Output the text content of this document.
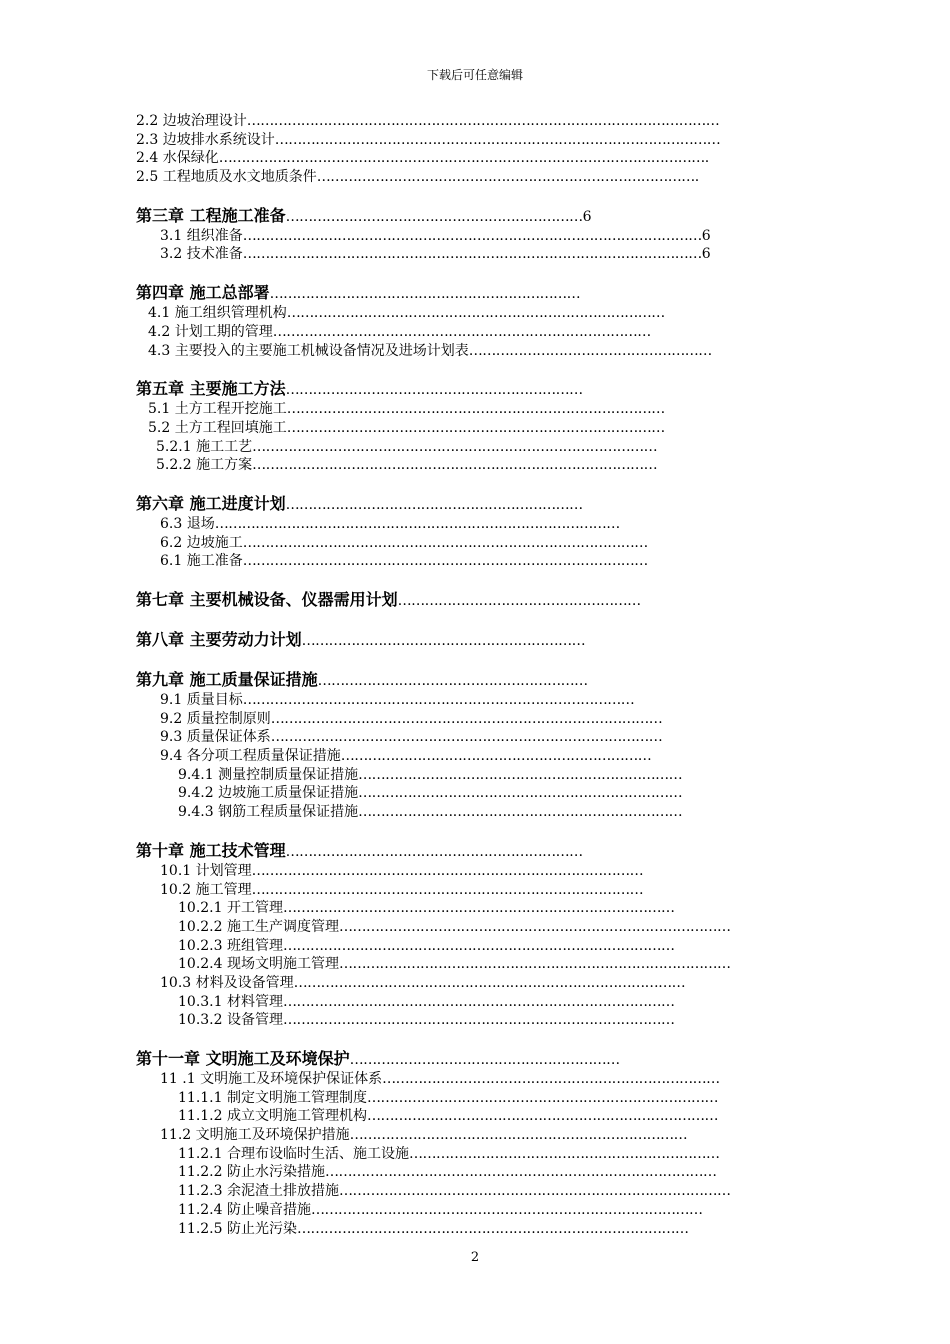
下载后可任意编辑
2.2 边坡治理设计……………………………………………………………………………………………
2.3 边坡排水系统设计………………………………………………………………………………………
2.4 水保绿化……………………………………………………………………………………………….
2.5 工程地质及水文地质条件………………………………………………………………………….
第三章 工程施工准备…………………………………………………………6
3.1 组织准备…………………………………………………………………………………………6
3.2 技术准备…………………………………………………………………………………………6
第四章 施工总部署……………………………………………………………
4.1 施工组织管理机构…………………………………………………………………………
4.2 计划工期的管理…………………………………………………………………………
4.3 主要投入的主要施工机械设备情况及进场计划表………………………………………………
第五章 主要施工方法…………………………………………………………
5.1 土方工程开挖施工…………………………………………………………………………
5.2 土方工程回填施工…………………………………………………………………………
5.2.1 施工工艺………………………………………………………………………………
5.2.2 施工方案………………………………………………………………………………
第六章 施工进度计划…………………………………………………………
6.3 退场………………………………………………………………………………
6.2 边坡施工………………………………………………………………………………
6.1 施工准备………………………………………………………………………………
第七章 主要机械设备、仪器需用计划………………………………………………
第八章 主要劳动力计划………………………………………………………
第九章 施工质量保证措施……………………………………………………
9.1 质量目标……………………………………………………………………………
9.2 质量控制原则……………………………………………………………………………
9.3 质量保证体系……………………………………………………………………………
9.4 各分项工程质量保证措施……………………………………………………………
9.4.1 测量控制质量保证措施………………………………………………………………
9.4.2 边坡施工质量保证措施………………………………………………………………
9.4.3 钢筋工程质量保证措施………………………………………………………………
第十章 施工技术管理…………………………………………………………
10.1 计划管理……………………………………………………………………………
10.2 施工管理……………………………………………………………………………
10.2.1 开工管理……………………………………………………………………………
10.2.2 施工生产调度管理……………………………………………………………………………
10.2.3 班组管理……………………………………………………………………………
10.2.4 现场文明施工管理……………………………………………………………………………
10.3 材料及设备管理……………………………………………………………………………
10.3.1 材料管理……………………………………………………………………………
10.3.2 设备管理……………………………………………………………………………
第十一章 文明施工及环境保护……………………………………………………
11 .1 文明施工及环境保护保证体系…………………………………………………………………
11.1.1 制定文明施工管理制度……………………………………………………………………
11.1.2 成立文明施工管理机构……………………………………………………………………
11.2 文明施工及环境保护措施…………………………………………………………………
11.2.1 合理布设临时生活、施工设施……………………………………………………………
11.2.2 防止水污染措施……………………………………………………………………………
11.2.3 余泥渣土排放措施……………………………………………………………………………
11.2.4 防止噪音措施……………………………………………………………………………
11.2.5 防止光污染……………………………………………………………………………
2
